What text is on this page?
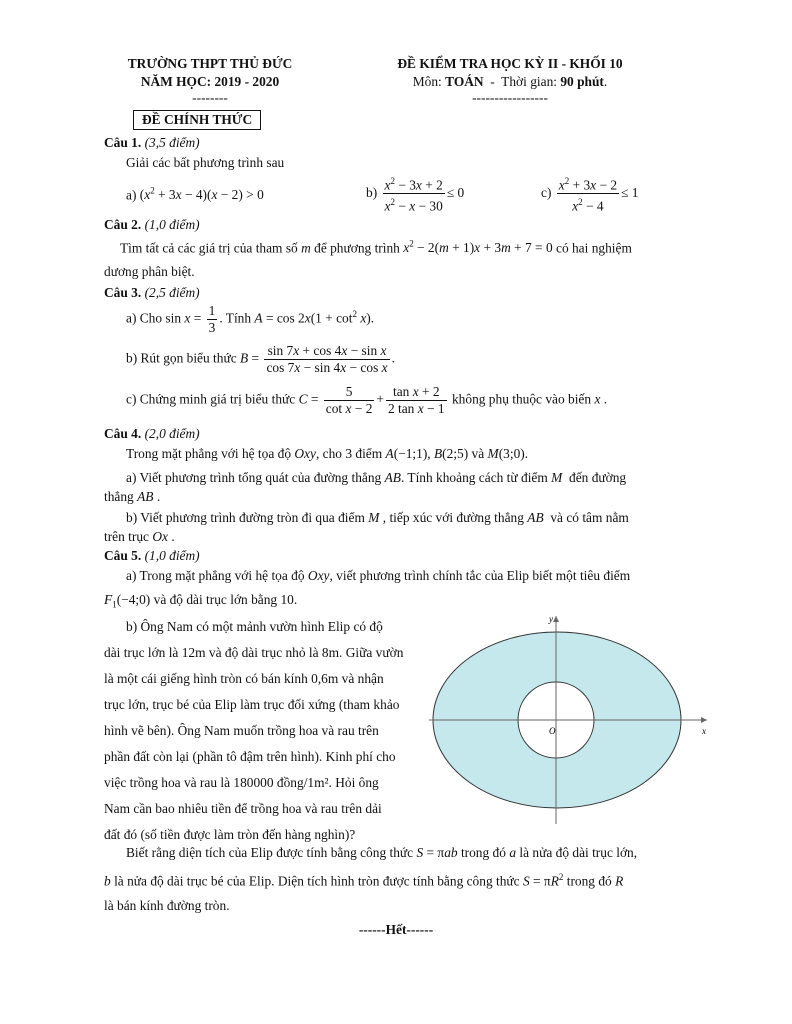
TRƯỜNG THPT THỦ ĐỨC
NĂM HỌC: 2019 - 2020
--------
ĐỀ KIỂM TRA HỌC KỲ II - KHỐI 10
Môn: TOÁN  -  Thời gian: 90 phút.
-----------------
ĐỀ CHÍNH THỨC
Câu 1. (3,5 điểm)
Giải các bất phương trình sau
a) $(x^2 + 3x - 4)(x - 2) > 0$	$b) \frac{x^2 - 3x + 2}{x^2 - x - 30} \le 0$	$c) \frac{x^2 + 3x - 2}{x^2 - 4} \le 1$
Câu 2. (1,0 điểm)
Tìm tất cả các giá trị của tham số m để phương trình $x^2 - 2(m + 1)x + 3m + 7 = 0$ có hai nghiệm
dương phân biệt.
Câu 3. (2,5 điểm)
a) Cho $\sin x = \frac{1}{3}$ . Tính $A = \cos 2x(1 + \cot^2 x)$.
b) Rút gọn biểu thức $B = \frac{\text{sin 7x + cos 4x − sin x}}{\text{cos 7x − sin 4x − cos x}}$ .
c) Chứng minh giá trị biểu thức $C = \frac{5}{\text{cot x − 2}} + \frac{\text{tan x + 2}}{\text{2 tan x − 1}}$ không phụ thuộc vào biến x .
Câu 4. (2,0 điểm)
Trong mặt phẳng với hệ tọa độ Oxy, cho 3 điểm A(−1;1), B(2;5) và M(3;0).
a) Viết phương trình tổng quát của đường thẳng AB. Tính khoảng cách từ điểm M đến đường
thẳng AB .
b) Viết phương trình đường tròn đi qua điểm M , tiếp xúc với đường thẳng AB và có tâm nằm
trên trục Ox .
Câu 5. (1,0 điểm)
a) Trong mặt phẳng với hệ tọa độ Oxy, viết phương trình chính tắc của Elip biết một tiêu điểm
$F_1(-4;0)$ và độ dài trục lớn bằng 10.
b) Ông Nam có một mảnh vườn hình Elip có độ
dài trục lớn là 12m và độ dài trục nhỏ là 8m. Giữa vườn
là một cái giếng hình tròn có bán kính 0,6m và nhận
trục lớn, trục bé của Elip làm trục đối xứng (tham khảo
hình vẽ bên). Ông Nam muốn trồng hoa và rau trên
phần đất còn lại (phần tô đậm trên hình). Kinh phí cho
việc trồng hoa và rau là 180000 đồng/1m². Hỏi ông
Nam cần bao nhiêu tiền để trồng hoa và rau trên dải
đất đó (số tiền được làm tròn đến hàng nghìn)?
x
y
O
Biết rằng diện tích của Elip được tính bằng công thức S = πab trong đó a là nửa độ dài trục lớn,
b là nửa độ dài trục bé của Elip. Diện tích hình tròn được tính bằng công thức $S = \pi R^2$ trong đó R
là bán kính đường tròn.
------Hết------
